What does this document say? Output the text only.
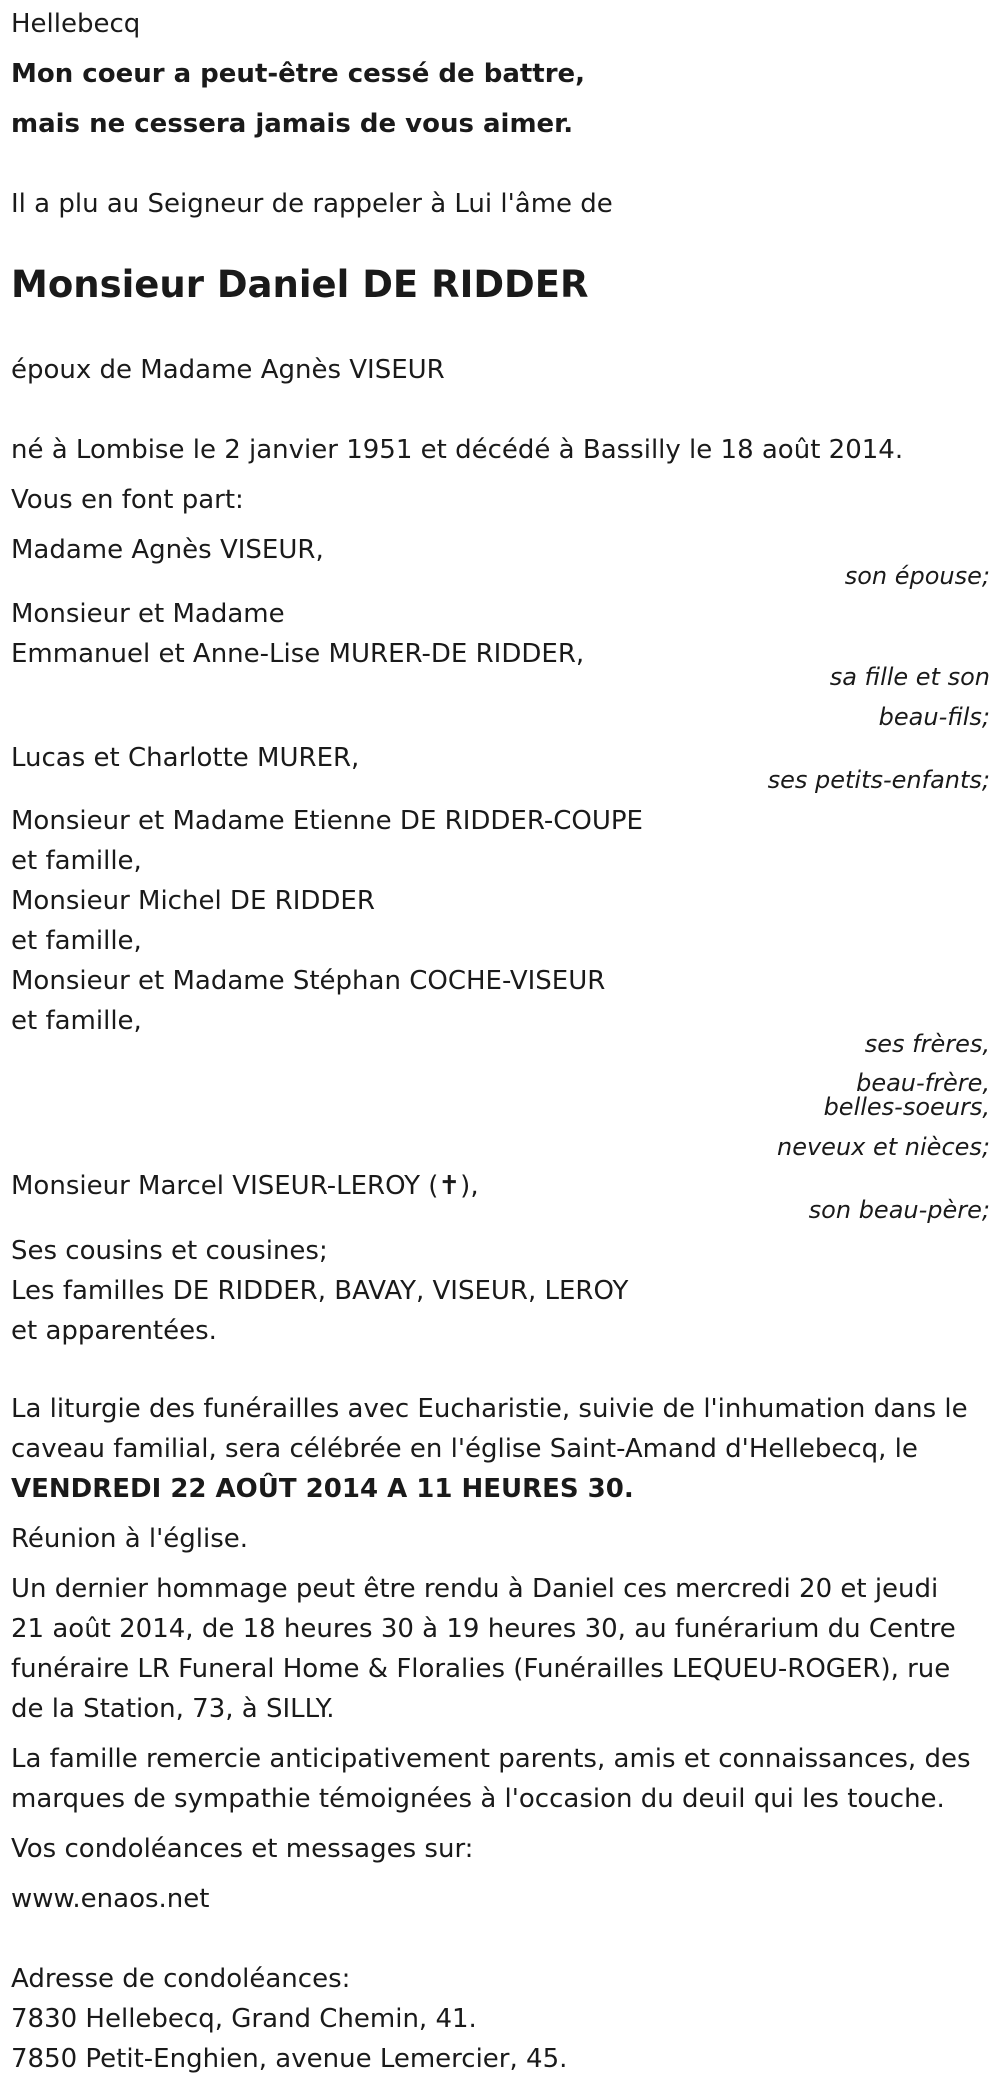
Hellebecq
Mon coeur a peut-être cessé de battre,
mais ne cessera jamais de vous aimer.
Il a plu au Seigneur de rappeler à Lui l'âme de
Monsieur Daniel DE RIDDER
époux de Madame Agnès VISEUR
né à Lombise le 2 janvier 1951 et décédé à Bassilly le 18 août 2014.
Vous en font part:
Madame Agnès VISEUR,
son épouse;
Monsieur et Madame
Emmanuel et Anne-Lise MURER-DE RIDDER,
sa fille et son
beau-fils;
Lucas et Charlotte MURER,
ses petits-enfants;
Monsieur et Madame Etienne DE RIDDER-COUPE
et famille,
Monsieur Michel DE RIDDER
et famille,
Monsieur et Madame Stéphan COCHE-VISEUR
et famille,
ses frères,
beau-frère,
belles-soeurs,
neveux et nièces;
Monsieur Marcel VISEUR-LEROY (✝),
son beau-père;
Ses cousins et cousines;
Les familles DE RIDDER, BAVAY, VISEUR, LEROY
et apparentées.
La liturgie des funérailles avec Eucharistie, suivie de l'inhumation dans le
caveau familial, sera célébrée en l'église Saint-Amand d'Hellebecq, le
VENDREDI 22 AOÛT 2014 A 11 HEURES 30.
Réunion à l'église.
Un dernier hommage peut être rendu à Daniel ces mercredi 20 et jeudi
21 août 2014, de 18 heures 30 à 19 heures 30, au funérarium du Centre
funéraire LR Funeral Home & Floralies (Funérailles LEQUEU-ROGER), rue
de la Station, 73, à SILLY.
La famille remercie anticipativement parents, amis et connaissances, des
marques de sympathie témoignées à l'occasion du deuil qui les touche.
Vos condoléances et messages sur:
www.enaos.net
Adresse de condoléances:
7830 Hellebecq, Grand Chemin, 41.
7850 Petit-Enghien, avenue Lemercier, 45.
